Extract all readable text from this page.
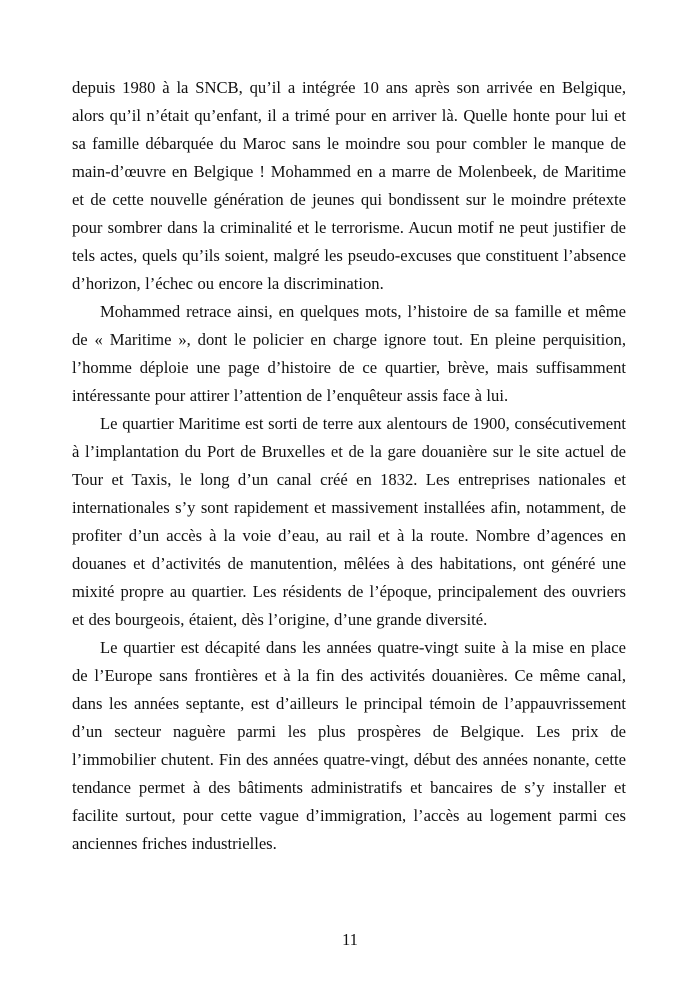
depuis 1980 à la SNCB, qu’il a intégrée 10 ans après son arrivée en Belgique, alors qu’il n’était qu’enfant, il a trimé pour en arriver là. Quelle honte pour lui et sa famille débarquée du Maroc sans le moindre sou pour combler le manque de main-d’œuvre en Belgique ! Mohammed en a marre de Molenbeek, de Maritime et de cette nouvelle génération de jeunes qui bondissent sur le moindre prétexte pour sombrer dans la criminalité et le terrorisme. Aucun motif ne peut justifier de tels actes, quels qu’ils soient, malgré les pseudo-excuses que constituent l’absence d’horizon, l’échec ou encore la discrimination.

Mohammed retrace ainsi, en quelques mots, l’histoire de sa famille et même de « Maritime », dont le policier en charge ignore tout. En pleine perquisition, l’homme déploie une page d’histoire de ce quartier, brève, mais suffisamment intéressante pour attirer l’attention de l’enquêteur assis face à lui.

Le quartier Maritime est sorti de terre aux alentours de 1900, consécutivement à l’implantation du Port de Bruxelles et de la gare douanière sur le site actuel de Tour et Taxis, le long d’un canal créé en 1832. Les entreprises nationales et internationales s’y sont rapidement et massivement installées afin, notamment, de profiter d’un accès à la voie d’eau, au rail et à la route. Nombre d’agences en douanes et d’activités de manutention, mêlées à des habitations, ont généré une mixité propre au quartier. Les résidents de l’époque, principalement des ouvriers et des bourgeois, étaient, dès l’origine, d’une grande diversité.

Le quartier est décapité dans les années quatre-vingt suite à la mise en place de l’Europe sans frontières et à la fin des activités douanières. Ce même canal, dans les années septante, est d’ailleurs le principal témoin de l’appauvrissement d’un secteur naguère parmi les plus prospères de Belgique. Les prix de l’immobilier chutent. Fin des années quatre-vingt, début des années nonante, cette tendance permet à des bâtiments administratifs et bancaires de s’y installer et facilite surtout, pour cette vague d’immigration, l’accès au logement parmi ces anciennes friches industrielles.

11
